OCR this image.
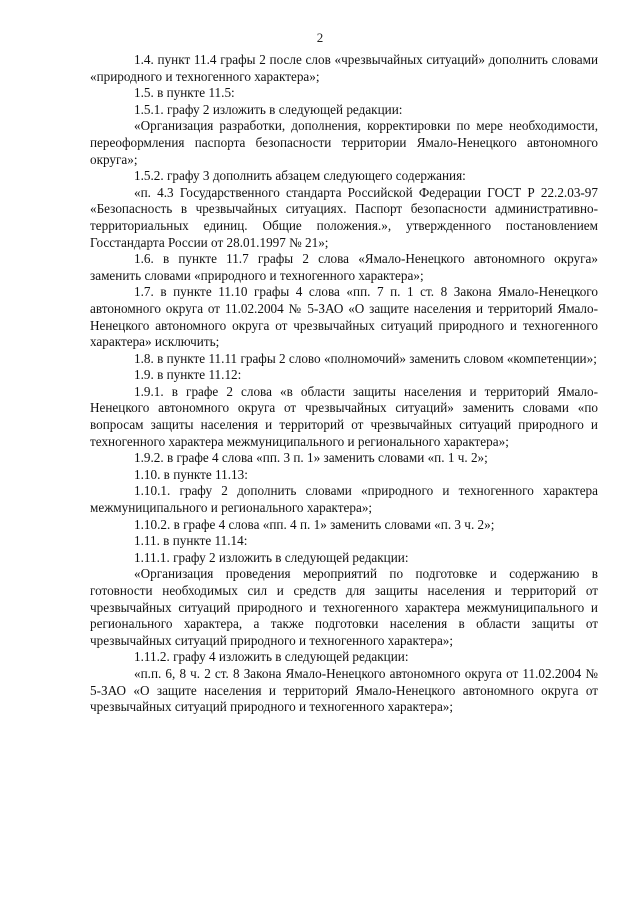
2

1.4. пункт 11.4 графы 2 после слов «чрезвычайных ситуаций» дополнить словами «природного и техногенного характера»;

1.5. в пункте 11.5:

1.5.1. графу 2 изложить в следующей редакции:

«Организация разработки, дополнения, корректировки по мере необходимости, переоформления паспорта безопасности территории Ямало-Ненецкого автономного округа»;

1.5.2. графу 3 дополнить абзацем следующего содержания:

«п. 4.3 Государственного стандарта Российской Федерации ГОСТ Р 22.2.03-97 «Безопасность в чрезвычайных ситуациях. Паспорт безопасности административно-территориальных единиц. Общие положения.», утвержденного постановлением Госстандарта России от 28.01.1997 № 21»;

1.6. в пункте 11.7 графы 2 слова «Ямало-Ненецкого автономного округа» заменить словами «природного и техногенного характера»;

1.7. в пункте 11.10 графы 4 слова «пп. 7 п. 1 ст. 8 Закона Ямало-Ненецкого автономного округа от 11.02.2004 № 5-ЗАО «О защите населения и территорий Ямало-Ненецкого автономного округа от чрезвычайных ситуаций природного и техногенного характера» исключить;

1.8. в пункте 11.11 графы 2 слово «полномочий» заменить словом «компетенции»;

1.9. в пункте 11.12:

1.9.1. в графе 2 слова «в области защиты населения и территорий Ямало-Ненецкого автономного округа от чрезвычайных ситуаций» заменить словами «по вопросам защиты населения и территорий от чрезвычайных ситуаций природного и техногенного характера межмуниципального и регионального характера»;

1.9.2. в графе 4 слова «пп. 3 п. 1» заменить словами «п. 1 ч. 2»;

1.10. в пункте 11.13:

1.10.1. графу 2 дополнить словами «природного и техногенного характера межмуниципального и регионального характера»;

1.10.2. в графе 4 слова «пп. 4 п. 1» заменить словами «п. 3 ч. 2»;

1.11. в пункте 11.14:

1.11.1. графу 2 изложить в следующей редакции:

«Организация проведения мероприятий по подготовке и содержанию в готовности необходимых сил и средств для защиты населения и территорий от чрезвычайных ситуаций природного и техногенного характера межмуниципального и регионального характера, а также подготовки населения в области защиты от чрезвычайных ситуаций природного и техногенного характера»;

1.11.2. графу 4 изложить в следующей редакции:

«п.п. 6, 8 ч. 2 ст. 8 Закона Ямало-Ненецкого автономного округа от 11.02.2004 № 5-ЗАО «О защите населения и территорий Ямало-Ненецкого автономного округа от чрезвычайных ситуаций природного и техногенного характера»;
